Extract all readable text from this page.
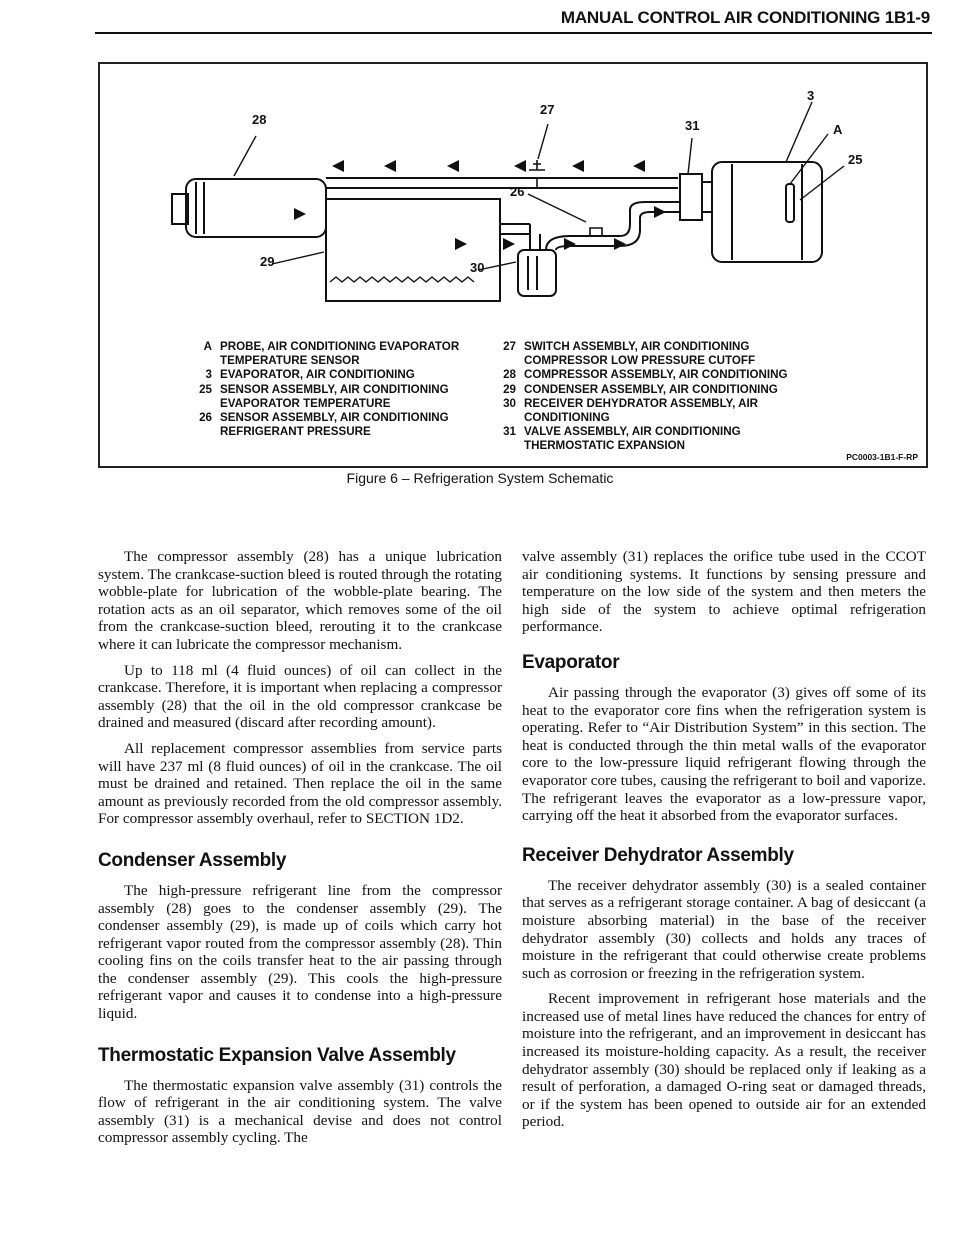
MANUAL CONTROL AIR CONDITIONING 1B1-9
28
27
31
3
A
25
26
29	30
A PROBE, AIR CONDITIONING EVAPORATOR TEMPERATURE SENSOR
3 EVAPORATOR, AIR CONDITIONING
25 SENSOR ASSEMBLY, AIR CONDITIONING EVAPORATOR TEMPERATURE
26 SENSOR ASSEMBLY, AIR CONDITIONING REFRIGERANT PRESSURE
27 SWITCH ASSEMBLY, AIR CONDITIONING COMPRESSOR LOW PRESSURE CUTOFF
28 COMPRESSOR ASSEMBLY, AIR CONDITIONING
29 CONDENSER ASSEMBLY, AIR CONDITIONING
30 RECEIVER DEHYDRATOR ASSEMBLY, AIR CONDITIONING
31 VALVE ASSEMBLY, AIR CONDITIONING THERMOSTATIC EXPANSION
PC0003-1B1-F-RP
Figure 6 – Refrigeration System Schematic

The compressor assembly (28) has a unique lubrication system. The crankcase-suction bleed is routed through the rotating wobble-plate for lubrication of the wobble-plate bearing. The rotation acts as an oil separator, which removes some of the oil from the crankcase-suction bleed, rerouting it to the crankcase where it can lubricate the compressor mechanism.

Up to 118 ml (4 fluid ounces) of oil can collect in the crankcase. Therefore, it is important when replacing a compressor assembly (28) that the oil in the old compressor crankcase be drained and measured (discard after recording amount).

All replacement compressor assemblies from service parts will have 237 ml (8 fluid ounces) of oil in the crankcase. The oil must be drained and retained. Then replace the oil in the same amount as previously recorded from the old compressor assembly. For compressor assembly overhaul, refer to SECTION 1D2.

Condenser Assembly

The high-pressure refrigerant line from the compressor assembly (28) goes to the condenser assembly (29). The condenser assembly (29), is made up of coils which carry hot refrigerant vapor routed from the compressor assembly (28). Thin cooling fins on the coils transfer heat to the air passing through the condenser assembly (29). This cools the high-pressure refrigerant vapor and causes it to condense into a high-pressure liquid.

Thermostatic Expansion Valve Assembly

The thermostatic expansion valve assembly (31) controls the flow of refrigerant in the air conditioning system. The valve assembly (31) is a mechanical devise and does not control compressor assembly cycling. The

valve assembly (31) replaces the orifice tube used in the CCOT air conditioning systems. It functions by sensing pressure and temperature on the low side of the system and then meters the high side of the system to achieve optimal refrigeration performance.

Evaporator

Air passing through the evaporator (3) gives off some of its heat to the evaporator core fins when the refrigeration system is operating. Refer to “Air Distribution System” in this section. The heat is conducted through the thin metal walls of the evaporator core to the low-pressure liquid refrigerant flowing through the evaporator core tubes, causing the refrigerant to boil and vaporize. The refrigerant leaves the evaporator as a low-pressure vapor, carrying off the heat it absorbed from the evaporator surfaces.

Receiver Dehydrator Assembly

The receiver dehydrator assembly (30) is a sealed container that serves as a refrigerant storage container. A bag of desiccant (a moisture absorbing material) in the base of the receiver dehydrator assembly (30) collects and holds any traces of moisture in the refrigerant that could otherwise create problems such as corrosion or freezing in the refrigeration system.

Recent improvement in refrigerant hose materials and the increased use of metal lines have reduced the chances for entry of moisture into the refrigerant, and an improvement in desiccant has increased its moisture-holding capacity. As a result, the receiver dehydrator assembly (30) should be replaced only if leaking as a result of perforation, a damaged O-ring seat or damaged threads, or if the system has been opened to outside air for an extended period.
